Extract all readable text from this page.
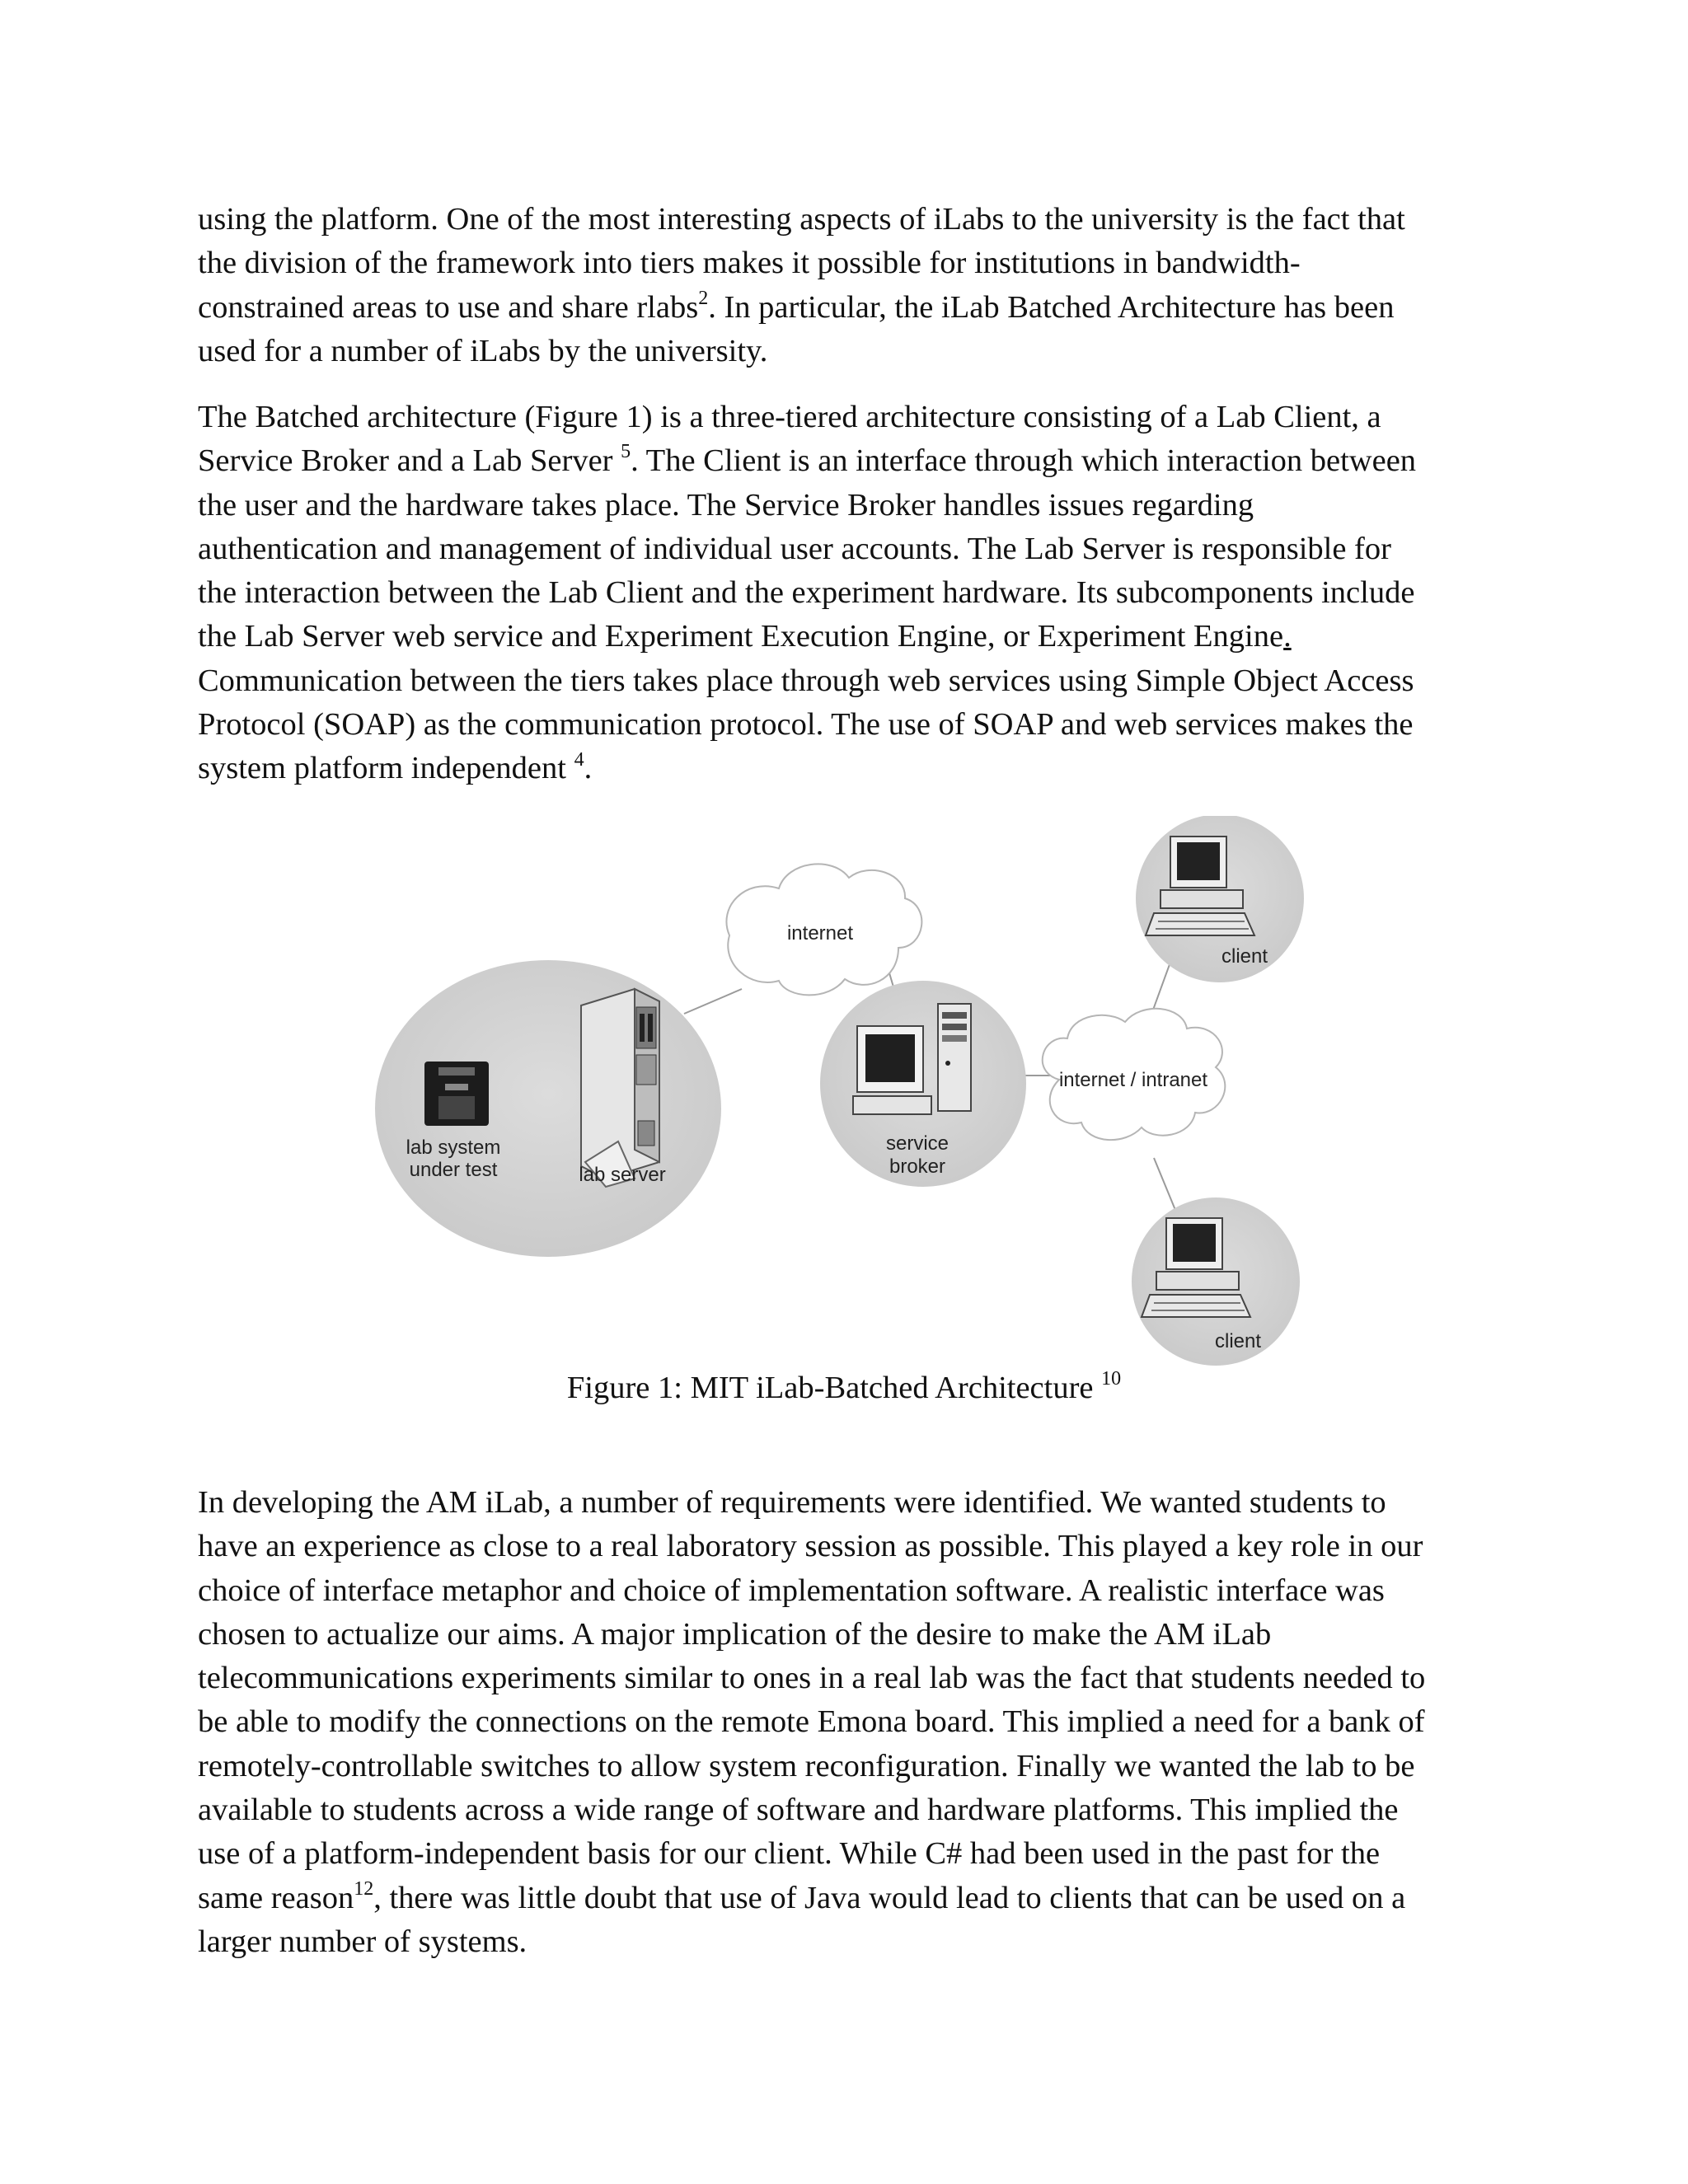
using the platform. One of the most interesting aspects of iLabs to the university is the fact that
the division of the framework into tiers makes it possible for institutions in bandwidth-
constrained areas to use and share rlabs$^2$. In particular, the iLab Batched Architecture has been
used for a number of iLabs by the university.

The Batched architecture (Figure 1) is a three-tiered architecture consisting of a Lab Client, a
Service Broker and a Lab Server $^5$. The Client is an interface through which interaction between
the user and the hardware takes place. The Service Broker handles issues regarding
authentication and management of individual user accounts. The Lab Server is responsible for
the interaction between the Lab Client and the experiment hardware. Its subcomponents include
the Lab Server web service and Experiment Execution Engine, or Experiment Engine.
Communication between the tiers takes place through web services using Simple Object Access
Protocol (SOAP) as the communication protocol. The use of SOAP and web services makes the
system platform independent $^4$.

lab system
under test	lab server
internet
service
broker
internet / intranet
client
client
Figure 1: MIT iLab-Batched Architecture $^{10}$

In developing the AM iLab, a number of requirements were identified. We wanted students to
have an experience as close to a real laboratory session as possible. This played a key role in our
choice of interface metaphor and choice of implementation software. A realistic interface was
chosen to actualize our aims. A major implication of the desire to make the AM iLab
telecommunications experiments similar to ones in a real lab was the fact that students needed to
be able to modify the connections on the remote Emona board. This implied a need for a bank of
remotely-controllable switches to allow system reconfiguration. Finally we wanted the lab to be
available to students across a wide range of software and hardware platforms. This implied the
use of a platform-independent basis for our client. While C# had been used in the past for the
same reason$^{12}$, there was little doubt that use of Java would lead to clients that can be used on a
larger number of systems.
